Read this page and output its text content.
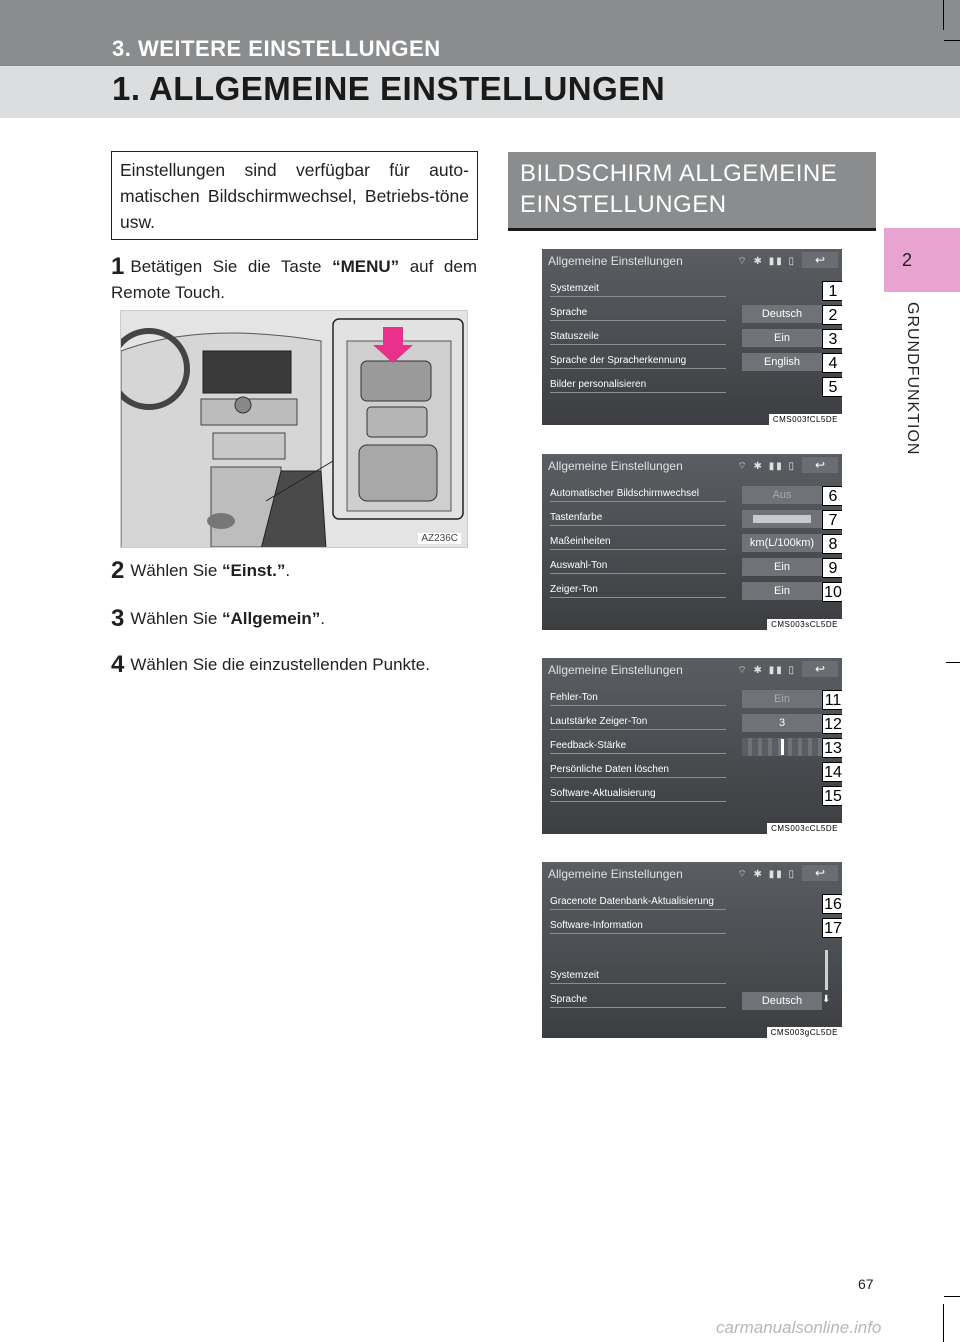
3. WEITERE EINSTELLUNGEN
1. ALLGEMEINE EINSTELLUNGEN
2
GRUNDFUNKTION
Einstellungen sind verfügbar für auto-matischen Bildschirmwechsel, Betriebs-töne usw.
1 Betätigen Sie die Taste “MENU” auf dem Remote Touch.
AZ236C
2 Wählen Sie “Einst.”.
3 Wählen Sie “Allgemein”.
4 Wählen Sie die einzustellenden Punkte.
BILDSCHIRM ALLGEMEINE
EINSTELLUNGEN
Allgemeine Einstellungen	⌔ ✱ ▮▮ ▯	↩
Systemzeit	1
Sprache	Deutsch	2
Statuszeile	Ein	3
Sprache der Spracherkennung	English	4
Bilder personalisieren	5
CMS003fCL5DE
Allgemeine Einstellungen	⌔ ✱ ▮▮ ▯	↩
Automatischer Bildschirmwechsel	Aus	6
Tastenfarbe	7
Maßeinheiten	km(L/100km) 8
Auswahl-Ton	Ein	9
Zeiger-Ton	Ein	10
CMS003sCL5DE
Allgemeine Einstellungen	⌔ ✱ ▮▮ ▯	↩
Fehler-Ton	Ein	11
Lautstärke Zeiger-Ton	3	12
Feedback-Stärke	13
Persönliche Daten löschen	14
Software-Aktualisierung	15
CMS003cCL5DE
Allgemeine Einstellungen	⌔ ✱ ▮▮ ▯	↩
Gracenote Datenbank-Aktualisierung	16
Software-Information	17
Systemzeit
Sprache	Deutsch	⬇
CMS003gCL5DE
67
carmanualsonline.info
